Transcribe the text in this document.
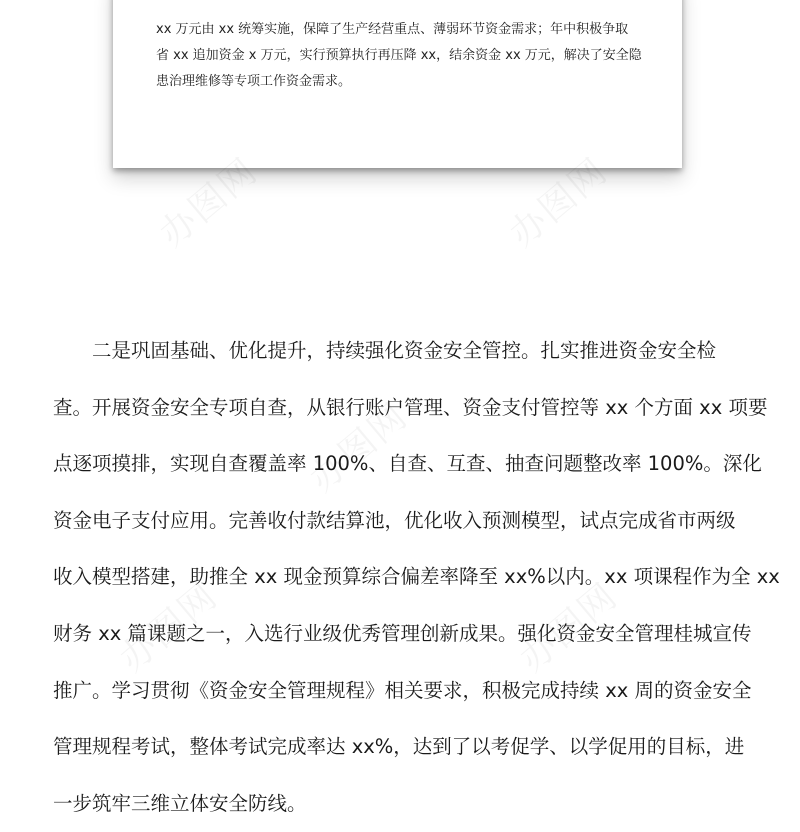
xx 万元由 xx 统筹实施，保障了生产经营重点、薄弱环节资金需求；年中积极争取
省 xx 追加资金 x 万元，实行预算执行再压降 xx，结余资金 xx 万元，解决了安全隐
患治理维修等专项工作资金需求。

　　二是巩固基础、优化提升，持续强化资金安全管控。扎实推进资金安全检
查。开展资金安全专项自查，从银行账户管理、资金支付管控等 xx 个方面 xx 项要
点逐项摸排，实现自查覆盖率 100%、自查、互查、抽查问题整改率 100%。深化
资金电子支付应用。完善收付款结算池，优化收入预测模型，试点完成省市两级
收入模型搭建，助推全 xx 现金预算综合偏差率降至 xx%以内。xx 项课程作为全 xx
财务 xx 篇课题之一，入选行业级优秀管理创新成果。强化资金安全管理桂城宣传
推广。学习贯彻《资金安全管理规程》相关要求，积极完成持续 xx 周的资金安全
管理规程考试，整体考试完成率达 xx%，达到了以考促学、以学促用的目标，进
一步筑牢三维立体安全防线。
